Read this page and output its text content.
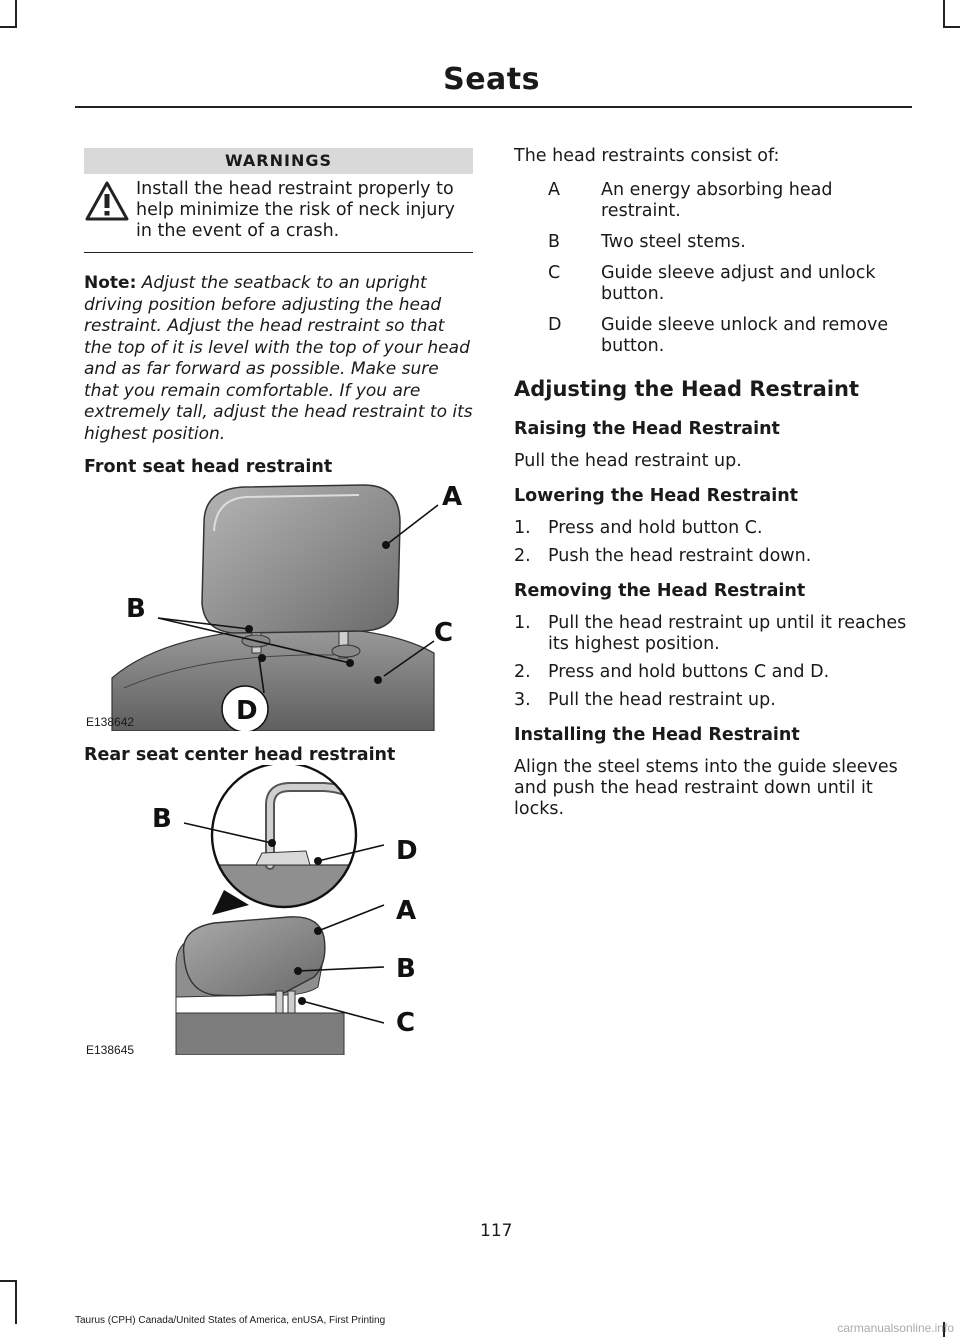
Seats
WARNINGS
Install the head restraint properly to help minimize the risk of neck injury in the event of a crash.
Note: Adjust the seatback to an upright driving position before adjusting the head restraint. Adjust the head restraint so that the top of it is level with the top of your head and as far forward as possible. Make sure that you remain comfortable. If you are extremely tall, adjust the head restraint to its highest position.
Front seat head restraint
A
B
C
D
E138642
Rear seat center head restraint
B
D
A
B
C
E138645
The head restraints consist of:
A	An energy absorbing head restraint.
B	Two steel stems.
C	Guide sleeve adjust and unlock button.
D	Guide sleeve unlock and remove button.
Adjusting the Head Restraint
Raising the Head Restraint

Pull the head restraint up.

Lowering the Head Restraint
1. Press and hold button C.
2. Push the head restraint down.
Removing the Head Restraint
1. Pull the head restraint up until it reaches its highest position.
2. Press and hold buttons C and D.
3. Pull the head restraint up.
Installing the Head Restraint

Align the steel stems into the guide sleeves and push the head restraint down until it locks.

117
Taurus (CPH) Canada/United States of America, enUSA, First Printing
carmanualsonline.info
